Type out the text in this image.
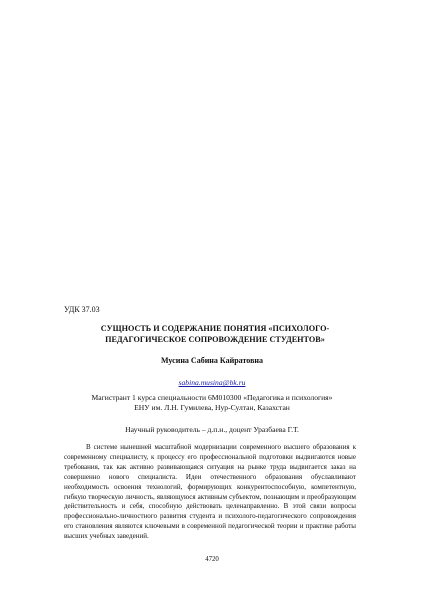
УДК 37.03
СУЩНОСТЬ И СОДЕРЖАНИЕ ПОНЯТИЯ «ПСИХОЛОГО-ПЕДАГОГИЧЕСКОЕ СОПРОВОЖДЕНИЕ СТУДЕНТОВ»
Мусина Сабина Кайратовна
sabina.musina@bk.ru
Магистрант 1 курса специальности 6М010300 «Педагогика и психология»
ЕНУ им. Л.Н. Гумилева, Нур-Султан, Казахстан
Научный руководитель – д.п.н., доцент Уразбаева Г.Т.

В системе нынешней масштабной модернизации современного высшего образования к современному специалисту, к процессу его профессиональной подготовки выдвигаются новые требования, так как активно развивающаяся ситуация на рынке труда выдвигается заказ на совершенно нового специалиста. Идеи отечественного образования обуславливают необходимость освоения технологий, формирующих конкурентоспособную, компетентную, гибкую творческую личность, являющуюся активным субъектом, познающим и преобразующим действительность и себя, способную действовать целенаправленно. В этой связи вопросы профессионально-личностного развития студента и психолого-педагогического сопровождения его становления являются ключевыми в современной педагогической теории и практике работы высших учебных заведений.

4720
